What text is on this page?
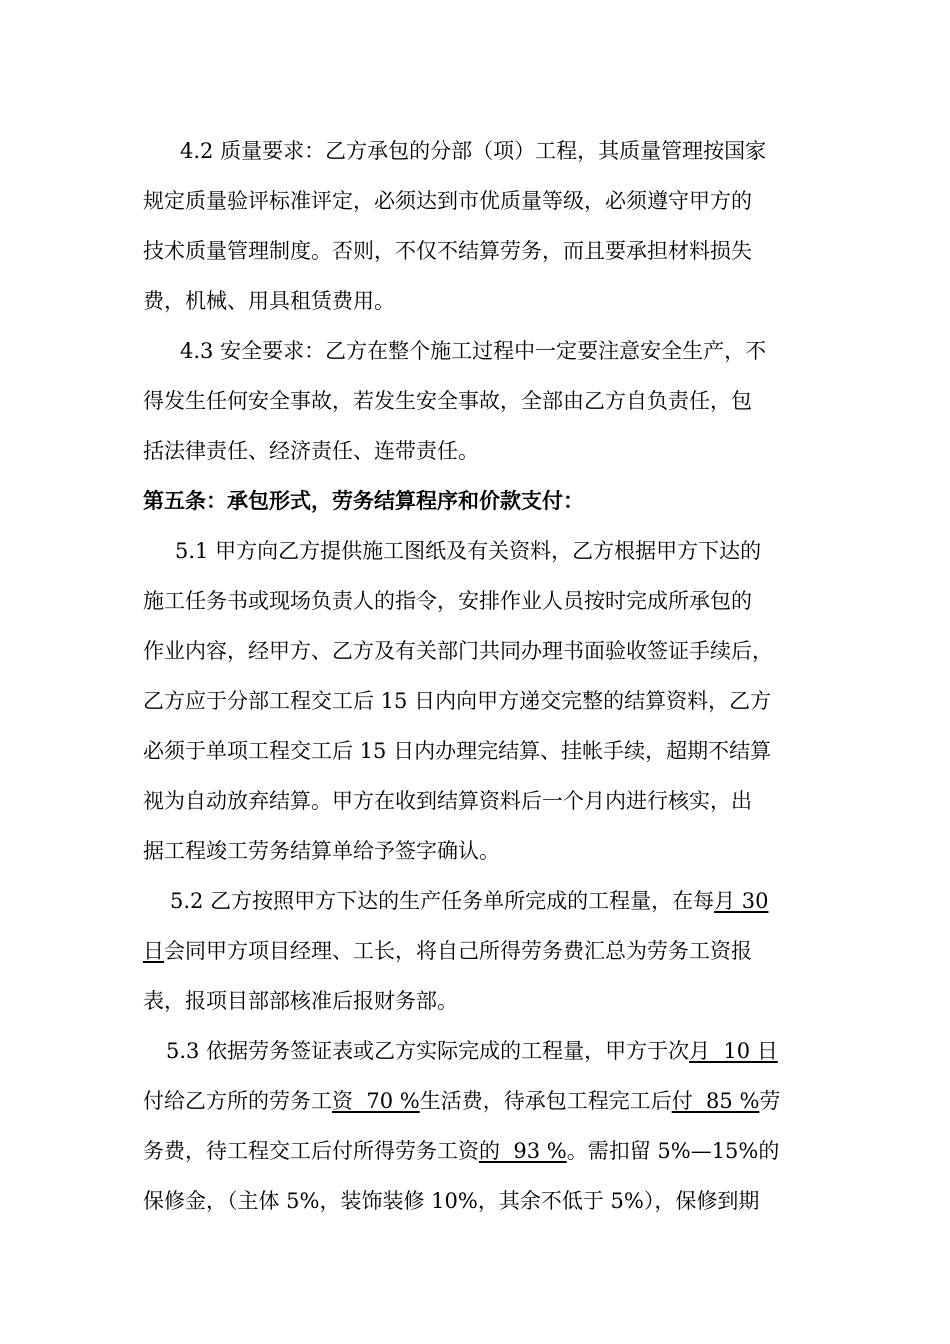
4.2 质量要求：乙方承包的分部（项）工程，其质量管理按国家
规定质量验评标准评定，必须达到市优质量等级，必须遵守甲方的
技术质量管理制度。否则，不仅不结算劳务，而且要承担材料损失
费，机械、用具租赁费用。
4.3 安全要求：乙方在整个施工过程中一定要注意安全生产，不
得发生任何安全事故，若发生安全事故，全部由乙方自负责任，包
括法律责任、经济责任、连带责任。
第五条：承包形式，劳务结算程序和价款支付：
5.1 甲方向乙方提供施工图纸及有关资料，乙方根据甲方下达的
施工任务书或现场负责人的指令，安排作业人员按时完成所承包的
作业内容，经甲方、乙方及有关部门共同办理书面验收签证手续后，
乙方应于分部工程交工后 15 日内向甲方递交完整的结算资料，乙方
必须于单项工程交工后 15 日内办理完结算、挂帐手续，超期不结算
视为自动放弃结算。甲方在收到结算资料后一个月内进行核实，出
据工程竣工劳务结算单给予签字确认。
5.2 乙方按照甲方下达的生产任务单所完成的工程量，在每月 30
日会同甲方项目经理、工长，将自己所得劳务费汇总为劳务工资报
表，报项目部部核准后报财务部。
5.3 依据劳务签证表或乙方实际完成的工程量，甲方于次月  10 日
付给乙方所的劳务工资  70 %生活费，待承包工程完工后付  85 %劳
务费，待工程交工后付所得劳务工资的  93 %。需扣留 5%—15%的
保修金，（主体 5%，装饰装修 10%，其余不低于 5%），保修到期
